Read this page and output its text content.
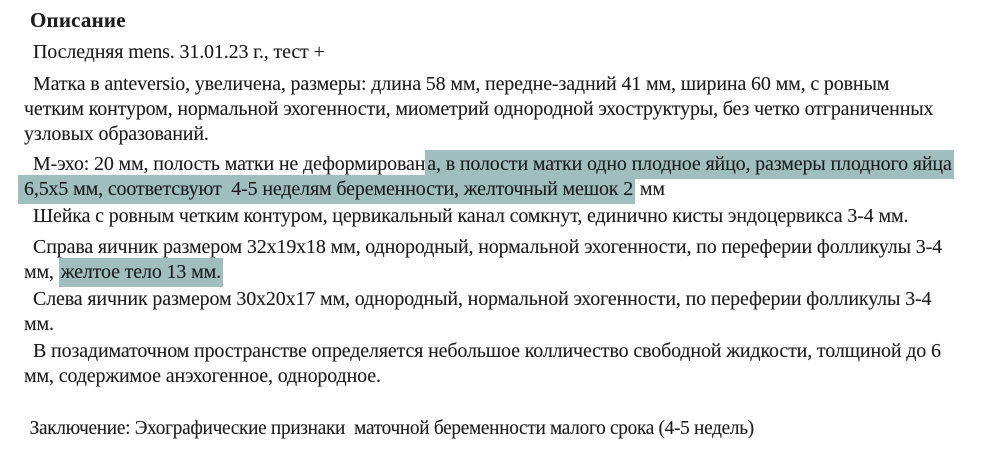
Описание
Последняя mens. 31.01.23 г., тест +
Матка в anteversio, увеличена, размеры: длина 58 мм, передне-задний 41 мм, ширина 60 мм, с ровным
четким контуром, нормальной эхогенности, миометрий однородной эхоструктуры, без четко отграниченных
узловых образований.
М-эхо: 20 мм, полость матки не деформирован а, в полости матки одно плодное яйцо, размеры плодного яйца
6,5х5 мм, соответсвуют  4-5 неделям беременности, желточный мешок 2 мм
Шейка с ровным четким контуром, цервикальный канал сомкнут, единично кисты эндоцервикса 3-4 мм.
Справа яичник размером 32х19х18 мм, однородный, нормальной эхогенности, по переферии фолликулы 3-4
мм, желтое тело 13 мм.
Слева яичник размером 30х20х17 мм, однородный, нормальной эхогенности, по переферии фолликулы 3-4
мм.
В позадиматочном пространстве определяется небольшое колличество свободной жидкости, толщиной до 6
мм, содержимое анэхогенное, однородное.
Заключение: Эхографические признаки  маточной беременности малого срока (4-5 недель)
